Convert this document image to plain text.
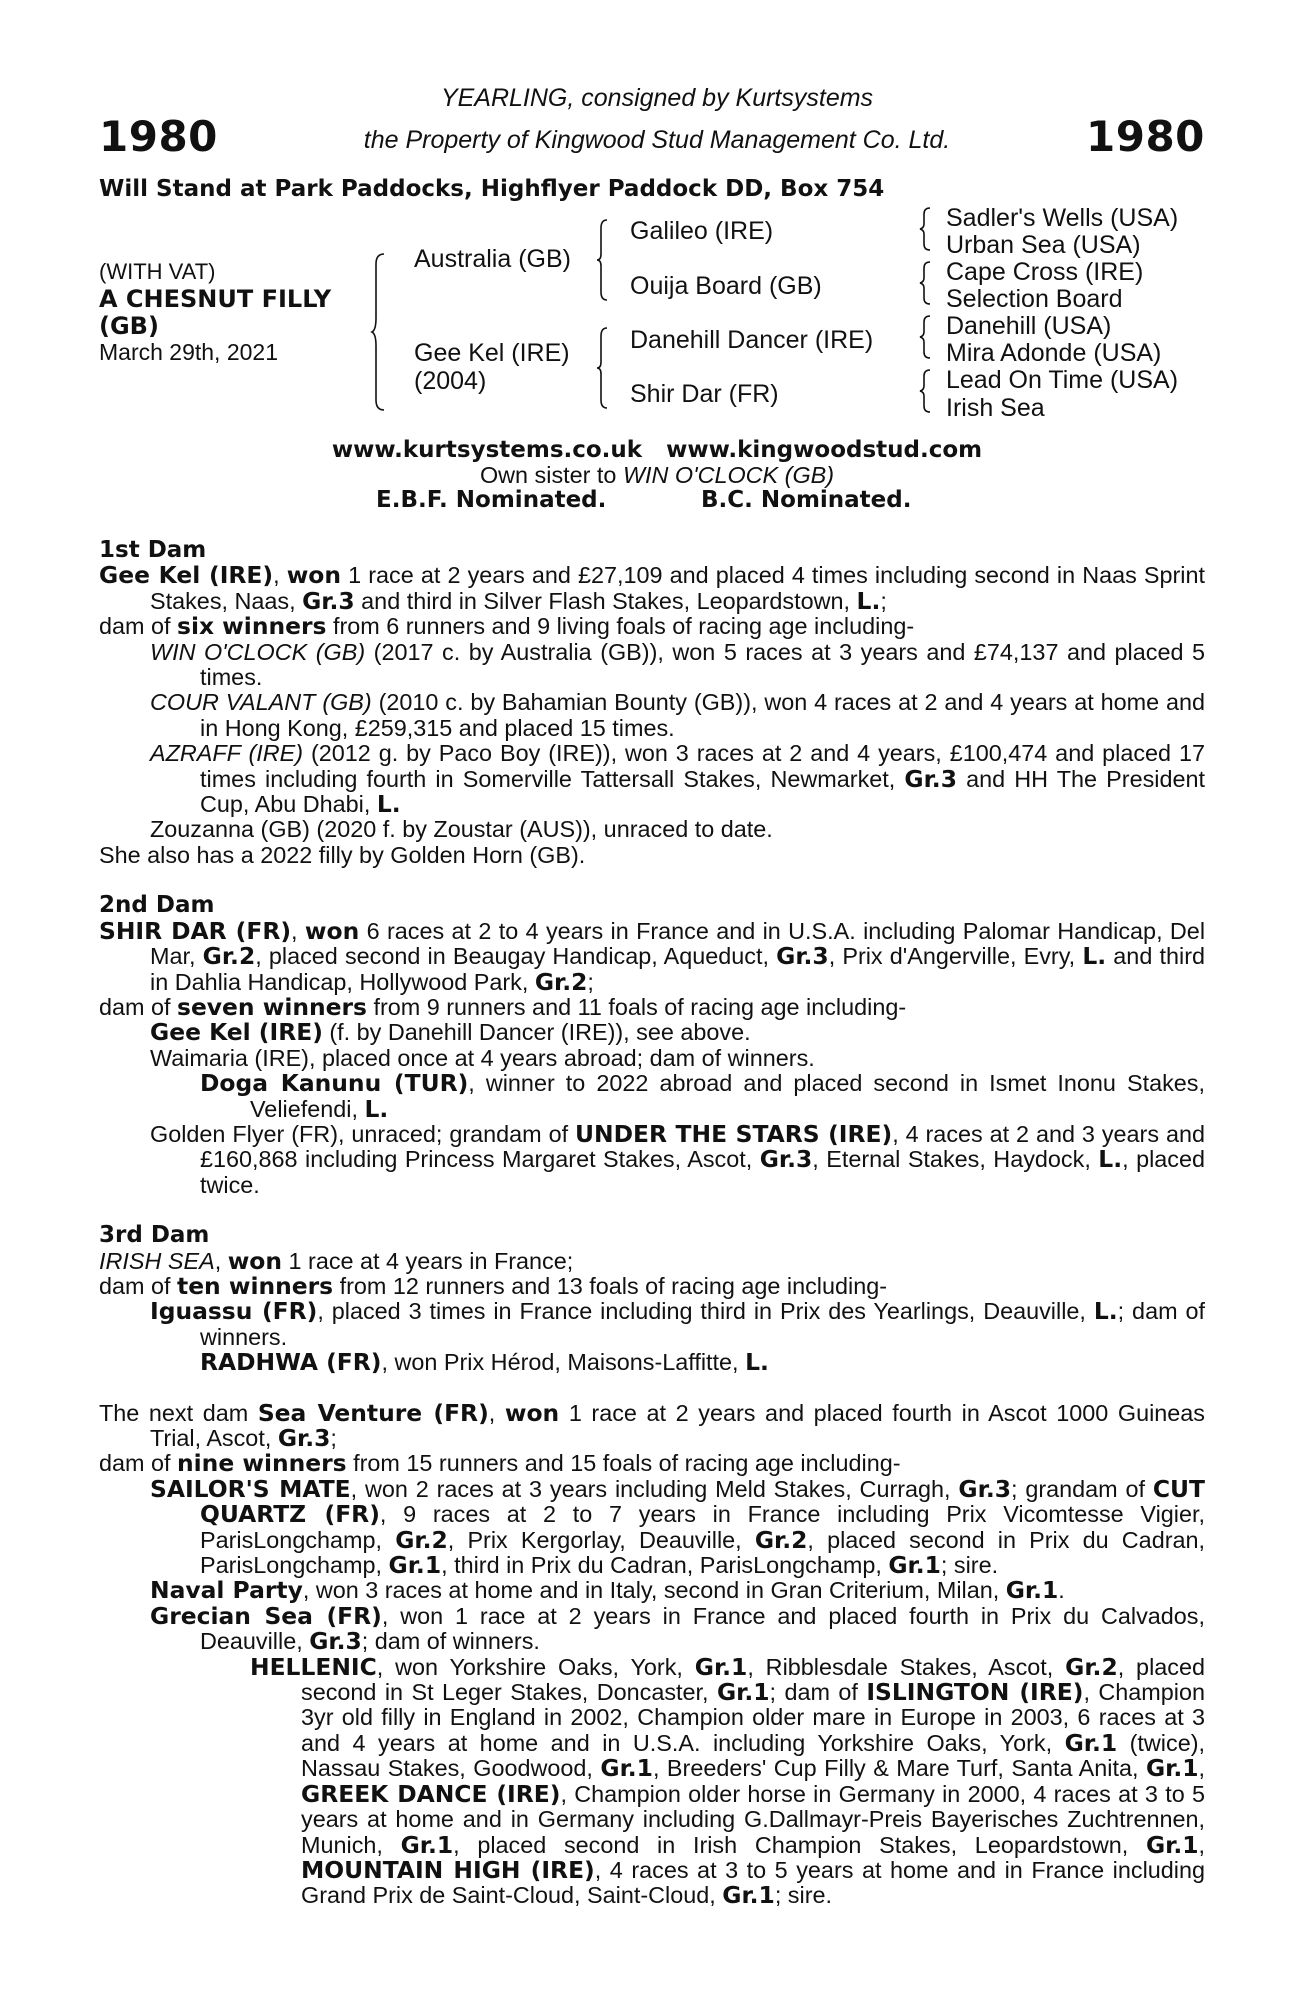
1980	1980
YEARLING, consigned by Kurtsystems
the Property of Kingwood Stud Management Co. Ltd.
Will Stand at Park Paddocks, Highflyer Paddock DD, Box 754
(WITH VAT)
A CHESNUT FILLY
(GB)
March 29th, 2021
Australia (GB)
Gee Kel (IRE)
(2004)
Galileo (IRE)
Ouija Board (GB)
Danehill Dancer (IRE)
Shir Dar (FR)
Sadler's Wells (USA)
Urban Sea (USA)
Cape Cross (IRE)
Selection Board
Danehill (USA)
Mira Adonde (USA)
Lead On Time (USA)
Irish Sea
www.kurtsystems.co.uk   www.kingwoodstud.com
Own sister to WIN O'CLOCK (GB)
E.B.F. Nominated.	B.C. Nominated.

1st Dam

Gee Kel (IRE), won 1 race at 2 years and £27,109 and placed 4 times including second in Naas Sprint Stakes, Naas, Gr.3 and third in Silver Flash Stakes, Leopardstown, L.;

dam of six winners from 6 runners and 9 living foals of racing age including-

WIN O'CLOCK (GB) (2017 c. by Australia (GB)), won 5 races at 3 years and £74,137 and placed 5 times.

COUR VALANT (GB) (2010 c. by Bahamian Bounty (GB)), won 4 races at 2 and 4 years at home and in Hong Kong, £259,315 and placed 15 times.

AZRAFF (IRE) (2012 g. by Paco Boy (IRE)), won 3 races at 2 and 4 years, £100,474 and placed 17 times including fourth in Somerville Tattersall Stakes, Newmarket, Gr.3 and HH The President Cup, Abu Dhabi, L.

Zouzanna (GB) (2020 f. by Zoustar (AUS)), unraced to date.

She also has a 2022 filly by Golden Horn (GB).

2nd Dam

SHIR DAR (FR), won 6 races at 2 to 4 years in France and in U.S.A. including Palomar Handicap, Del Mar, Gr.2, placed second in Beaugay Handicap, Aqueduct, Gr.3, Prix d'Angerville, Evry, L. and third in Dahlia Handicap, Hollywood Park, Gr.2;

dam of seven winners from 9 runners and 11 foals of racing age including-

Gee Kel (IRE) (f. by Danehill Dancer (IRE)), see above.

Waimaria (IRE), placed once at 4 years abroad; dam of winners.

Doga Kanunu (TUR), winner to 2022 abroad and placed second in Ismet Inonu Stakes, Veliefendi, L.

Golden Flyer (FR), unraced; grandam of UNDER THE STARS (IRE), 4 races at 2 and 3 years and £160,868 including Princess Margaret Stakes, Ascot, Gr.3, Eternal Stakes, Haydock, L., placed twice.

3rd Dam

IRISH SEA, won 1 race at 4 years in France;

dam of ten winners from 12 runners and 13 foals of racing age including-

Iguassu (FR), placed 3 times in France including third in Prix des Yearlings, Deauville, L.; dam of winners.

RADHWA (FR), won Prix Hérod, Maisons-Laffitte, L.

The next dam Sea Venture (FR), won 1 race at 2 years and placed fourth in Ascot 1000 Guineas Trial, Ascot, Gr.3;

dam of nine winners from 15 runners and 15 foals of racing age including-

SAILOR'S MATE, won 2 races at 3 years including Meld Stakes, Curragh, Gr.3; grandam of CUT QUARTZ (FR), 9 races at 2 to 7 years in France including Prix Vicomtesse Vigier, ParisLongchamp, Gr.2, Prix Kergorlay, Deauville, Gr.2, placed second in Prix du Cadran, ParisLongchamp, Gr.1, third in Prix du Cadran, ParisLongchamp, Gr.1; sire.

Naval Party, won 3 races at home and in Italy, second in Gran Criterium, Milan, Gr.1.

Grecian Sea (FR), won 1 race at 2 years in France and placed fourth in Prix du Calvados, Deauville, Gr.3; dam of winners.

HELLENIC, won Yorkshire Oaks, York, Gr.1, Ribblesdale Stakes, Ascot, Gr.2, placed second in St Leger Stakes, Doncaster, Gr.1; dam of ISLINGTON (IRE), Champion 3yr old filly in England in 2002, Champion older mare in Europe in 2003, 6 races at 3 and 4 years at home and in U.S.A. including Yorkshire Oaks, York, Gr.1 (twice), Nassau Stakes, Goodwood, Gr.1, Breeders' Cup Filly & Mare Turf, Santa Anita, Gr.1, GREEK DANCE (IRE), Champion older horse in Germany in 2000, 4 races at 3 to 5 years at home and in Germany including G.Dallmayr-Preis Bayerisches Zuchtrennen, Munich, Gr.1, placed second in Irish Champion Stakes, Leopardstown, Gr.1, MOUNTAIN HIGH (IRE), 4 races at 3 to 5 years at home and in France including Grand Prix de Saint-Cloud, Saint-Cloud, Gr.1; sire.
